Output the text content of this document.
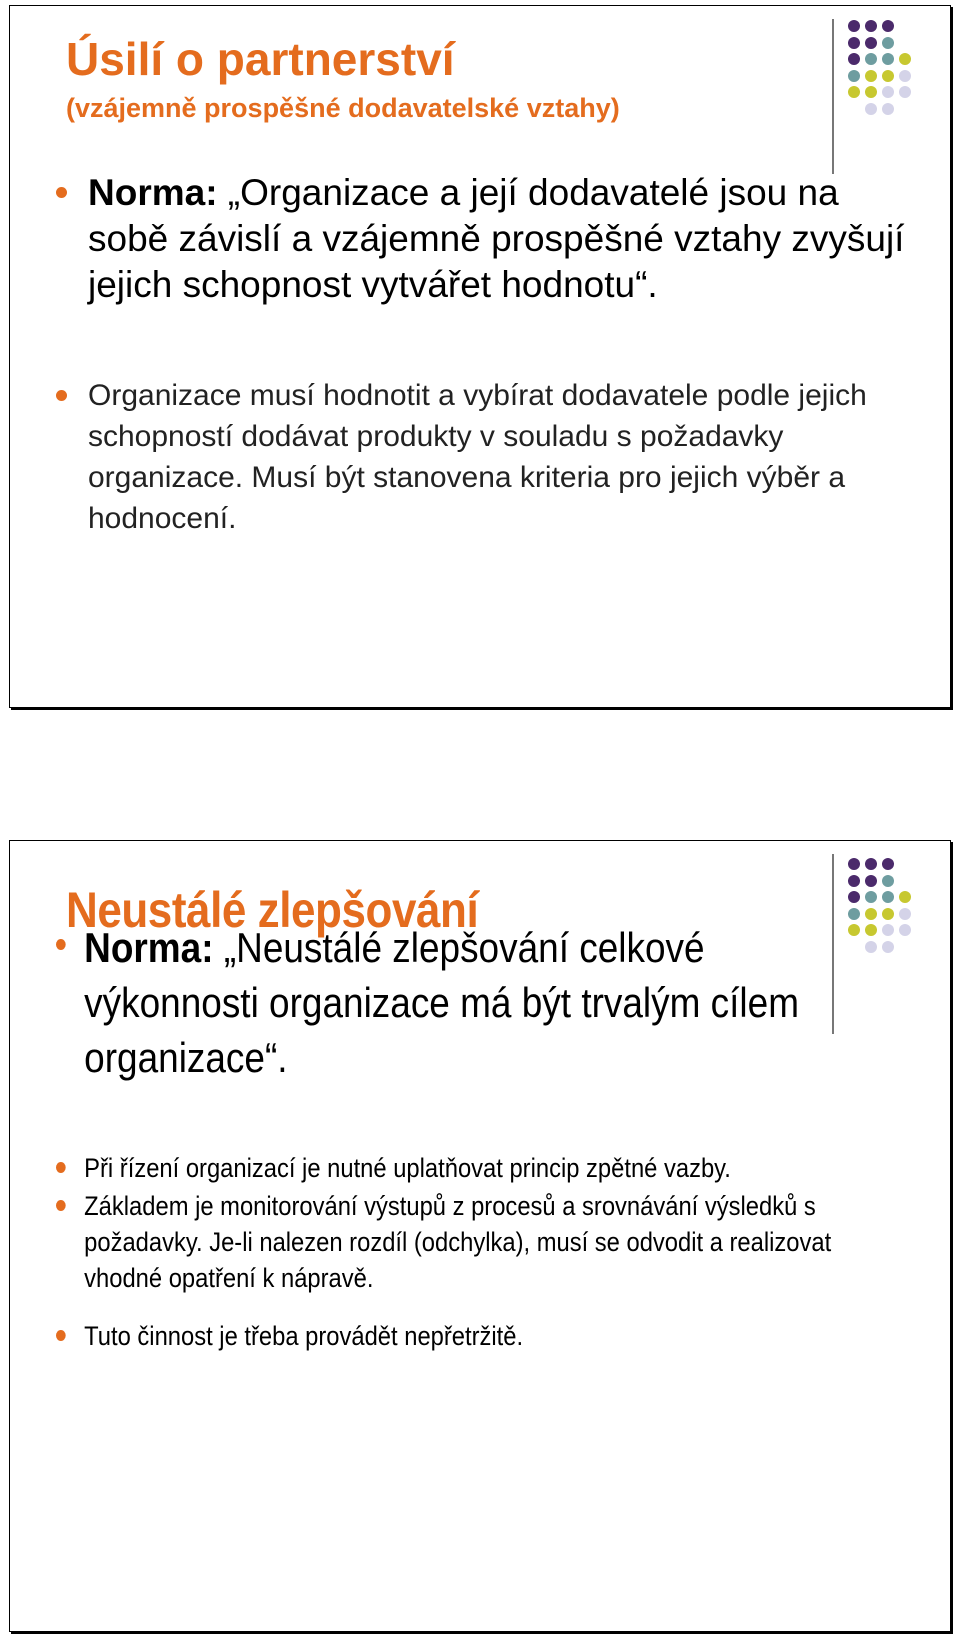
Úsilí o partnerství
(vzájemně prospěšné dodavatelské vztahy)

Norma: „Organizace a její dodavatelé jsou na sobě závislí a vzájemně prospěšné vztahy zvyšují jejich schopnost vytvářet hodnotu“.

Organizace musí hodnotit a vybírat dodavatele podle jejich schopností dodávat produkty v souladu s požadavky organizace. Musí být stanovena kriteria pro jejich výběr a hodnocení.

Neustálé zlepšování

Norma: „Neustálé zlepšování celkové výkonnosti organizace má být trvalým cílem organizace“.

Při řízení organizací je nutné uplatňovat princip zpětné vazby.

Základem je monitorování výstupů z procesů a srovnávání výsledků s požadavky. Je-li nalezen rozdíl (odchylka), musí se odvodit a realizovat vhodné opatření k nápravě.

Tuto činnost je třeba provádět nepřetržitě.
